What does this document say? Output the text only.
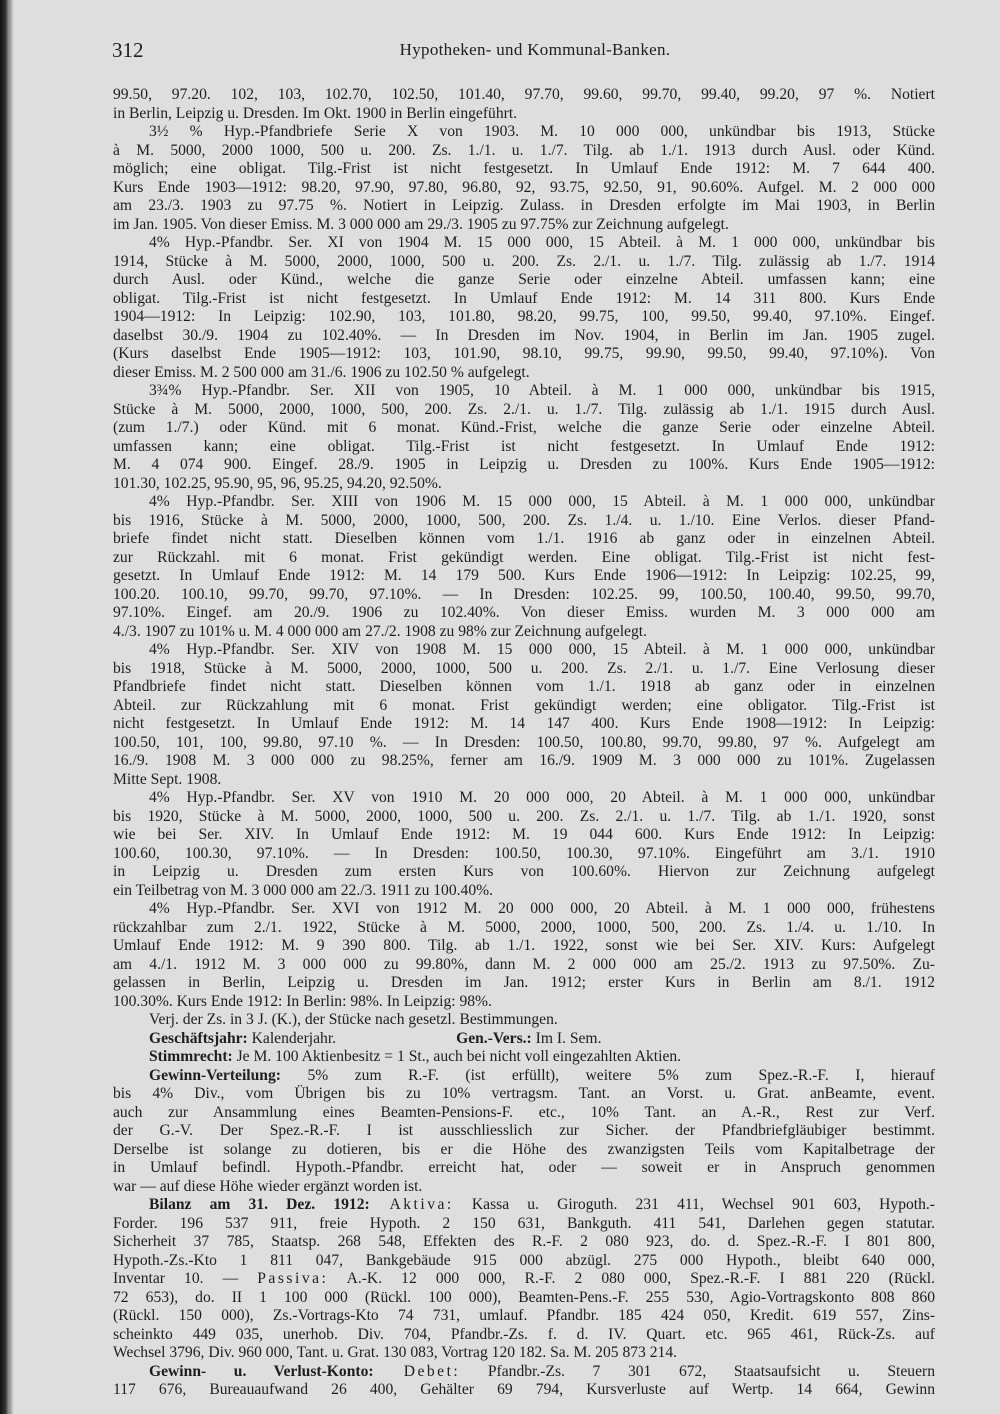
312	Hypotheken- und Kommunal-Banken.
99.50, 97.20. 102, 103, 102.70, 102.50, 101.40, 97.70, 99.60, 99.70, 99.40, 99.20, 97 %. Notiert
in Berlin, Leipzig u. Dresden. Im Okt. 1900 in Berlin eingeführt.
3½ % Hyp.-Pfandbriefe Serie X von 1903. M. 10 000 000, unkündbar bis 1913, Stücke
à M. 5000, 2000 1000, 500 u. 200. Zs. 1./1. u. 1./7. Tilg. ab 1./1. 1913 durch Ausl. oder Künd.
möglich; eine obligat. Tilg.-Frist ist nicht festgesetzt. In Umlauf Ende 1912: M. 7 644 400.
Kurs Ende 1903—1912: 98.20, 97.90, 97.80, 96.80, 92, 93.75, 92.50, 91, 90.60%. Aufgel. M. 2 000 000
am 23./3. 1903 zu 97.75 %. Notiert in Leipzig. Zulass. in Dresden erfolgte im Mai 1903, in Berlin
im Jan. 1905. Von dieser Emiss. M. 3 000 000 am 29./3. 1905 zu 97.75% zur Zeichnung aufgelegt.
4% Hyp.-Pfandbr. Ser. XI von 1904 M. 15 000 000, 15 Abteil. à M. 1 000 000, unkündbar bis
1914, Stücke à M. 5000, 2000, 1000, 500 u. 200. Zs. 2./1. u. 1./7. Tilg. zulässig ab 1./7. 1914
durch Ausl. oder Künd., welche die ganze Serie oder einzelne Abteil. umfassen kann; eine
obligat. Tilg.-Frist ist nicht festgesetzt. In Umlauf Ende 1912: M. 14 311 800. Kurs Ende
1904—1912: In Leipzig: 102.90, 103, 101.80, 98.20, 99.75, 100, 99.50, 99.40, 97.10%. Eingef.
daselbst 30./9. 1904 zu 102.40%. — In Dresden im Nov. 1904, in Berlin im Jan. 1905 zugel.
(Kurs daselbst Ende 1905—1912: 103, 101.90, 98.10, 99.75, 99.90, 99.50, 99.40, 97.10%). Von
dieser Emiss. M. 2 500 000 am 31./6. 1906 zu 102.50 % aufgelegt.
3¾% Hyp.-Pfandbr. Ser. XII von 1905, 10 Abteil. à M. 1 000 000, unkündbar bis 1915,
Stücke à M. 5000, 2000, 1000, 500, 200. Zs. 2./1. u. 1./7. Tilg. zulässig ab 1./1. 1915 durch Ausl.
(zum 1./7.) oder Künd. mit 6 monat. Künd.-Frist, welche die ganze Serie oder einzelne Abteil.
umfassen kann; eine obligat. Tilg.-Frist ist nicht festgesetzt. In Umlauf Ende 1912:
M. 4 074 900. Eingef. 28./9. 1905 in Leipzig u. Dresden zu 100%. Kurs Ende 1905—1912:
101.30, 102.25, 95.90, 95, 96, 95.25, 94.20, 92.50%.
4% Hyp.-Pfandbr. Ser. XIII von 1906 M. 15 000 000, 15 Abteil. à M. 1 000 000, unkündbar
bis 1916, Stücke à M. 5000, 2000, 1000, 500, 200. Zs. 1./4. u. 1./10. Eine Verlos. dieser Pfand-
briefe findet nicht statt. Dieselben können vom 1./1. 1916 ab ganz oder in einzelnen Abteil.
zur Rückzahl. mit 6 monat. Frist gekündigt werden. Eine obligat. Tilg.-Frist ist nicht fest-
gesetzt. In Umlauf Ende 1912: M. 14 179 500. Kurs Ende 1906—1912: In Leipzig: 102.25, 99,
100.20. 100.10, 99.70, 99.70, 97.10%. — In Dresden: 102.25. 99, 100.50, 100.40, 99.50, 99.70,
97.10%. Eingef. am 20./9. 1906 zu 102.40%. Von dieser Emiss. wurden M. 3 000 000 am
4./3. 1907 zu 101% u. M. 4 000 000 am 27./2. 1908 zu 98% zur Zeichnung aufgelegt.
4% Hyp.-Pfandbr. Ser. XIV von 1908 M. 15 000 000, 15 Abteil. à M. 1 000 000, unkündbar
bis 1918, Stücke à M. 5000, 2000, 1000, 500 u. 200. Zs. 2./1. u. 1./7. Eine Verlosung dieser
Pfandbriefe findet nicht statt. Dieselben können vom 1./1. 1918 ab ganz oder in einzelnen
Abteil. zur Rückzahlung mit 6 monat. Frist gekündigt werden; eine obligator. Tilg.-Frist ist
nicht festgesetzt. In Umlauf Ende 1912: M. 14 147 400. Kurs Ende 1908—1912: In Leipzig:
100.50, 101, 100, 99.80, 97.10 %. — In Dresden: 100.50, 100.80, 99.70, 99.80, 97 %. Aufgelegt am
16./9. 1908 M. 3 000 000 zu 98.25%, ferner am 16./9. 1909 M. 3 000 000 zu 101%. Zugelassen
Mitte Sept. 1908.
4% Hyp.-Pfandbr. Ser. XV von 1910 M. 20 000 000, 20 Abteil. à M. 1 000 000, unkündbar
bis 1920, Stücke à M. 5000, 2000, 1000, 500 u. 200. Zs. 2./1. u. 1./7. Tilg. ab 1./1. 1920, sonst
wie bei Ser. XIV. In Umlauf Ende 1912: M. 19 044 600. Kurs Ende 1912: In Leipzig:
100.60, 100.30, 97.10%. — In Dresden: 100.50, 100.30, 97.10%. Eingeführt am 3./1. 1910
in Leipzig u. Dresden zum ersten Kurs von 100.60%. Hiervon zur Zeichnung aufgelegt
ein Teilbetrag von M. 3 000 000 am 22./3. 1911 zu 100.40%.
4% Hyp.-Pfandbr. Ser. XVI von 1912 M. 20 000 000, 20 Abteil. à M. 1 000 000, frühestens
rückzahlbar zum 2./1. 1922, Stücke à M. 5000, 2000, 1000, 500, 200. Zs. 1./4. u. 1./10. In
Umlauf Ende 1912: M. 9 390 800. Tilg. ab 1./1. 1922, sonst wie bei Ser. XIV. Kurs: Aufgelegt
am 4./1. 1912 M. 3 000 000 zu 99.80%, dann M. 2 000 000 am 25./2. 1913 zu 97.50%. Zu-
gelassen in Berlin, Leipzig u. Dresden im Jan. 1912; erster Kurs in Berlin am 8./1. 1912
100.30%. Kurs Ende 1912: In Berlin: 98%. In Leipzig: 98%.
Verj. der Zs. in 3 J. (K.), der Stücke nach gesetzl. Bestimmungen.
Geschäftsjahr: Kalenderjahr.	Gen.-Vers.: Im I. Sem.
Stimmrecht: Je M. 100 Aktienbesitz = 1 St., auch bei nicht voll eingezahlten Aktien.
Gewinn-Verteilung: 5% zum R.-F. (ist erfüllt), weitere 5% zum Spez.-R.-F. I, hierauf
bis 4% Div., vom Übrigen bis zu 10% vertragsm. Tant. an Vorst. u. Grat. anBeamte, event.
auch zur Ansammlung eines Beamten-Pensions-F. etc., 10% Tant. an A.-R., Rest zur Verf.
der G.-V. Der Spez.-R.-F. I ist ausschliesslich zur Sicher. der Pfandbriefgläubiger bestimmt.
Derselbe ist solange zu dotieren, bis er die Höhe des zwanzigsten Teils vom Kapitalbetrage der
in Umlauf befindl. Hypoth.-Pfandbr. erreicht hat, oder — soweit er in Anspruch genommen
war — auf diese Höhe wieder ergänzt worden ist.
Bilanz am 31. Dez. 1912: Aktiva: Kassa u. Giroguth. 231 411, Wechsel 901 603, Hypoth.-
Forder. 196 537 911, freie Hypoth. 2 150 631, Bankguth. 411 541, Darlehen gegen statutar.
Sicherheit 37 785, Staatsp. 268 548, Effekten des R.-F. 2 080 923, do. d. Spez.-R.-F. I 801 800,
Hypoth.-Zs.-Kto 1 811 047, Bankgebäude 915 000 abzügl. 275 000 Hypoth., bleibt 640 000,
Inventar 10. — Passiva: A.-K. 12 000 000, R.-F. 2 080 000, Spez.-R.-F. I 881 220 (Rückl.
72 653), do. II 1 100 000 (Rückl. 100 000), Beamten-Pens.-F. 255 530, Agio-Vortragskonto 808 860
(Rückl. 150 000), Zs.-Vortrags-Kto 74 731, umlauf. Pfandbr. 185 424 050, Kredit. 619 557, Zins-
scheinkto 449 035, unerhob. Div. 704, Pfandbr.-Zs. f. d. IV. Quart. etc. 965 461, Rück-Zs. auf
Wechsel 3796, Div. 960 000, Tant. u. Grat. 130 083, Vortrag 120 182. Sa. M. 205 873 214.
Gewinn- u. Verlust-Konto: Debet: Pfandbr.-Zs. 7 301 672, Staatsaufsicht u. Steuern
117 676, Bureauaufwand 26 400, Gehälter 69 794, Kursverluste auf Wertp. 14 664, Gewinn
